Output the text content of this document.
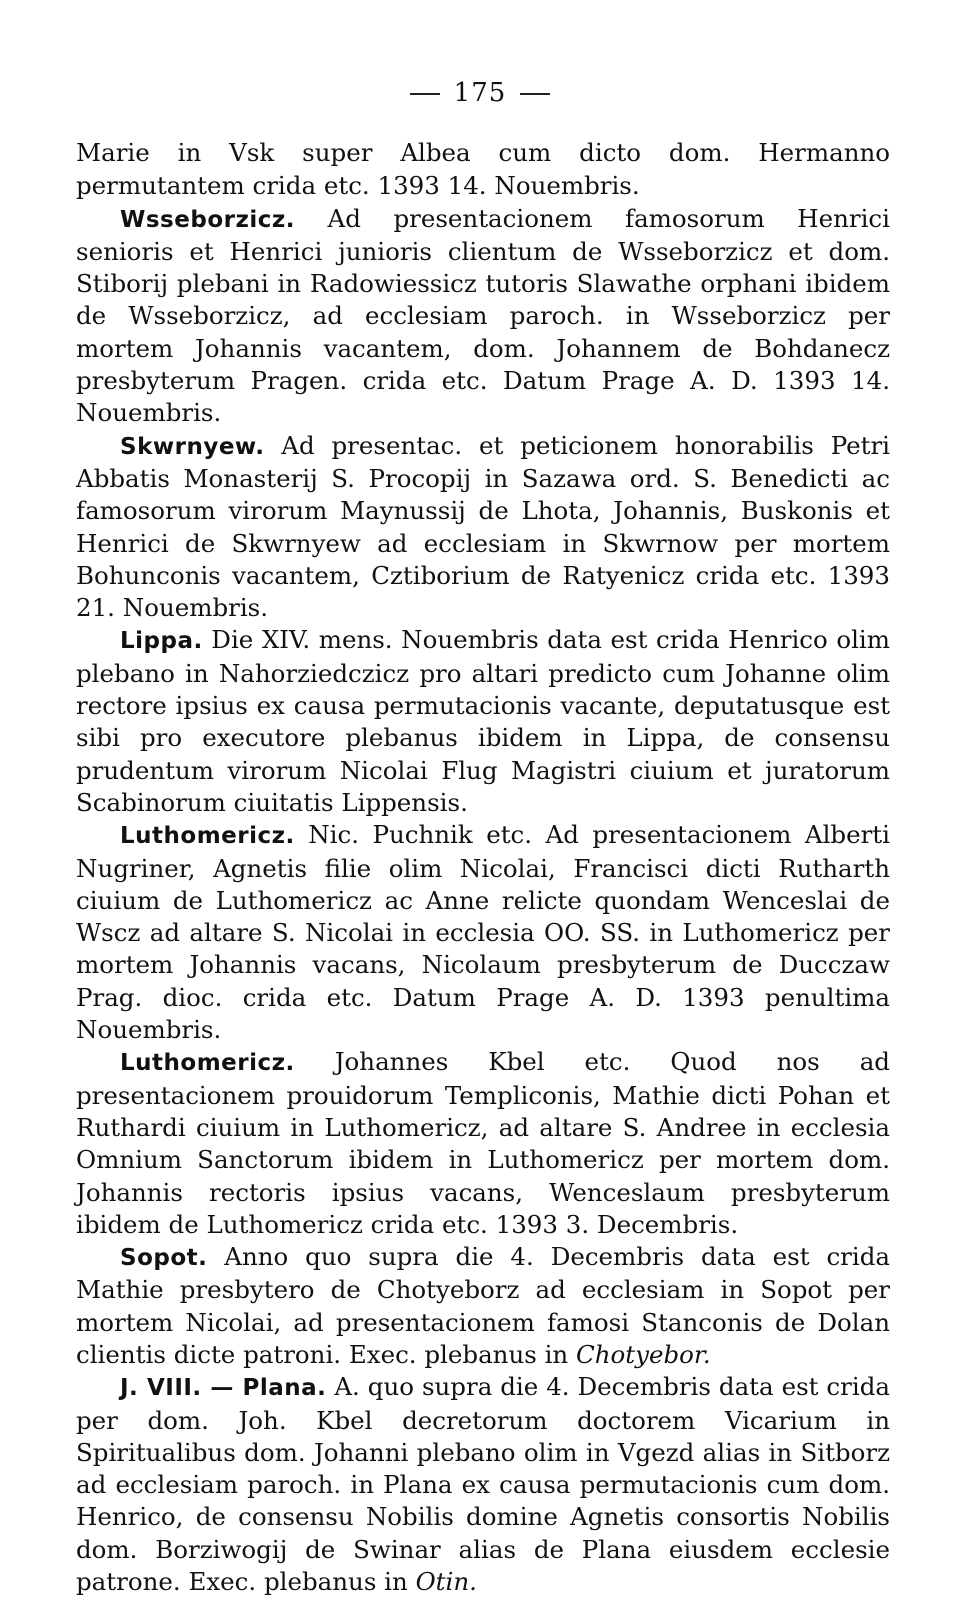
175

Marie in Vsk super Albea cum dicto dom. Hermanno permutantem crida etc. 1393 14. Nouembris.

Wsseborzicz. Ad presentacionem famosorum Henrici senioris et Henrici junioris clientum de Wsseborzicz et dom. Stiborij plebani in Radowiessicz tutoris Slawathe orphani ibidem de Wsseborzicz, ad ecclesiam paroch. in Wsseborzicz per mortem Johannis vacantem, dom. Johannem de Bohdanecz presbyterum Pragen. crida etc. Datum Prage A. D. 1393 14. Nouembris.

Skwrnyew. Ad presentac. et peticionem honorabilis Petri Abbatis Monasterij S. Procopij in Sazawa ord. S. Benedicti ac famosorum virorum Maynussij de Lhota, Johannis, Buskonis et Henrici de Skwrnyew ad ecclesiam in Skwrnow per mortem Bohunconis vacantem, Cztiborium de Ratyenicz crida etc. 1393 21. Nouembris.

Lippa. Die XIV. mens. Nouembris data est crida Henrico olim plebano in Nahorziedczicz pro altari predicto cum Johanne olim rectore ipsius ex causa permutacionis vacante, deputatusque est sibi pro executore plebanus ibidem in Lippa, de consensu prudentum virorum Nicolai Flug Magistri ciuium et juratorum Scabinorum ciuitatis Lippensis.

Luthomericz. Nic. Puchnik etc. Ad presentacionem Alberti Nugriner, Agnetis filie olim Nicolai, Francisci dicti Rutharth ciuium de Luthomericz ac Anne relicte quondam Wenceslai de Wscz ad altare S. Nicolai in ecclesia OO. SS. in Luthomericz per mortem Johannis vacans, Nicolaum presbyterum de Ducczaw Prag. dioc. crida etc. Datum Prage A. D. 1393 penultima Nouembris.

Luthomericz. Johannes Kbel etc. Quod nos ad presentacionem prouidorum Templiconis, Mathie dicti Pohan et Ruthardi ciuium in Luthomericz, ad altare S. Andree in ecclesia Omnium Sanctorum ibidem in Luthomericz per mortem dom. Johannis rectoris ipsius vacans, Wenceslaum presbyterum ibidem de Luthomericz crida etc. 1393 3. Decembris.

Sopot. Anno quo supra die 4. Decembris data est crida Mathie presbytero de Chotyeborz ad ecclesiam in Sopot per mortem Nicolai, ad presentacionem famosi Stanconis de Dolan clientis dicte patroni. Exec. plebanus in Chotyebor.

J. VIII. — Plana. A. quo supra die 4. Decembris data est crida per dom. Joh. Kbel decretorum doctorem Vicarium in Spiritualibus dom. Johanni plebano olim in Vgezd alias in Sitborz ad ecclesiam paroch. in Plana ex causa permutacionis cum dom. Henrico, de consensu Nobilis domine Agnetis consortis Nobilis dom. Borziwogij de Swinar alias de Plana eiusdem ecclesie patrone. Exec. plebanus in Otin.
